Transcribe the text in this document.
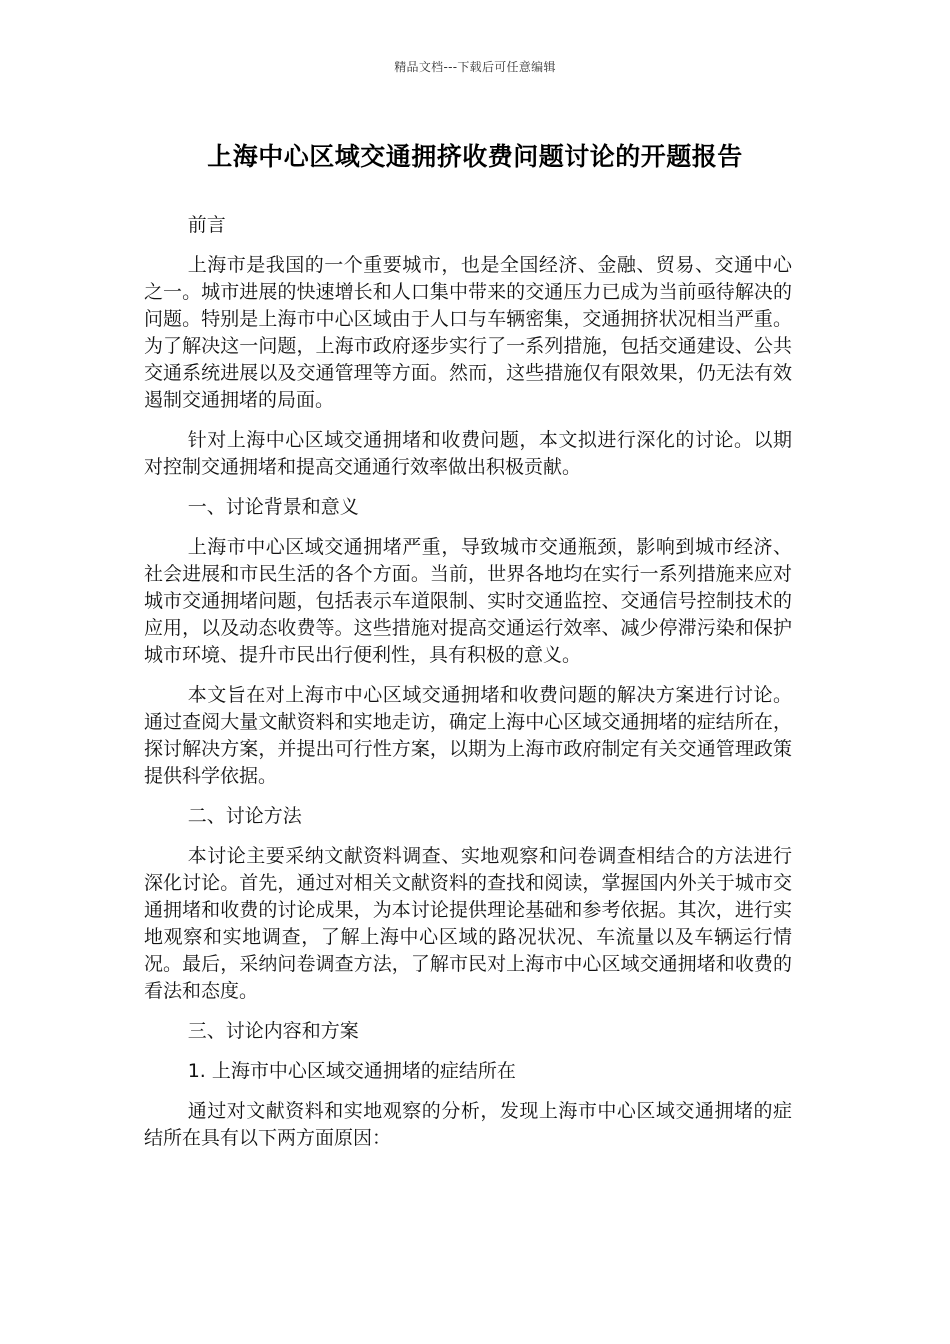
精品文档---下载后可任意编辑
上海中心区域交通拥挤收费问题讨论的开题报告

前言

上海市是我国的一个重要城市，也是全国经济、金融、贸易、交通中心之一。城市进展的快速增长和人口集中带来的交通压力已成为当前亟待解决的问题。特别是上海市中心区域由于人口与车辆密集，交通拥挤状况相当严重。为了解决这一问题，上海市政府逐步实行了一系列措施，包括交通建设、公共交通系统进展以及交通管理等方面。然而，这些措施仅有限效果，仍无法有效遏制交通拥堵的局面。

针对上海中心区域交通拥堵和收费问题，本文拟进行深化的讨论。以期对控制交通拥堵和提高交通通行效率做出积极贡献。

一、讨论背景和意义

上海市中心区域交通拥堵严重，导致城市交通瓶颈，影响到城市经济、社会进展和市民生活的各个方面。当前，世界各地均在实行一系列措施来应对城市交通拥堵问题，包括表示车道限制、实时交通监控、交通信号控制技术的应用，以及动态收费等。这些措施对提高交通运行效率、减少停滞污染和保护城市环境、提升市民出行便利性，具有积极的意义。

本文旨在对上海市中心区域交通拥堵和收费问题的解决方案进行讨论。通过查阅大量文献资料和实地走访，确定上海中心区域交通拥堵的症结所在，探讨解决方案，并提出可行性方案，以期为上海市政府制定有关交通管理政策提供科学依据。

二、讨论方法

本讨论主要采纳文献资料调查、实地观察和问卷调查相结合的方法进行深化讨论。首先，通过对相关文献资料的查找和阅读，掌握国内外关于城市交通拥堵和收费的讨论成果，为本讨论提供理论基础和参考依据。其次，进行实地观察和实地调查，了解上海中心区域的路况状况、车流量以及车辆运行情况。最后，采纳问卷调查方法，了解市民对上海市中心区域交通拥堵和收费的看法和态度。

三、讨论内容和方案

1. 上海市中心区域交通拥堵的症结所在

通过对文献资料和实地观察的分析，发现上海市中心区域交通拥堵的症结所在具有以下两方面原因：
